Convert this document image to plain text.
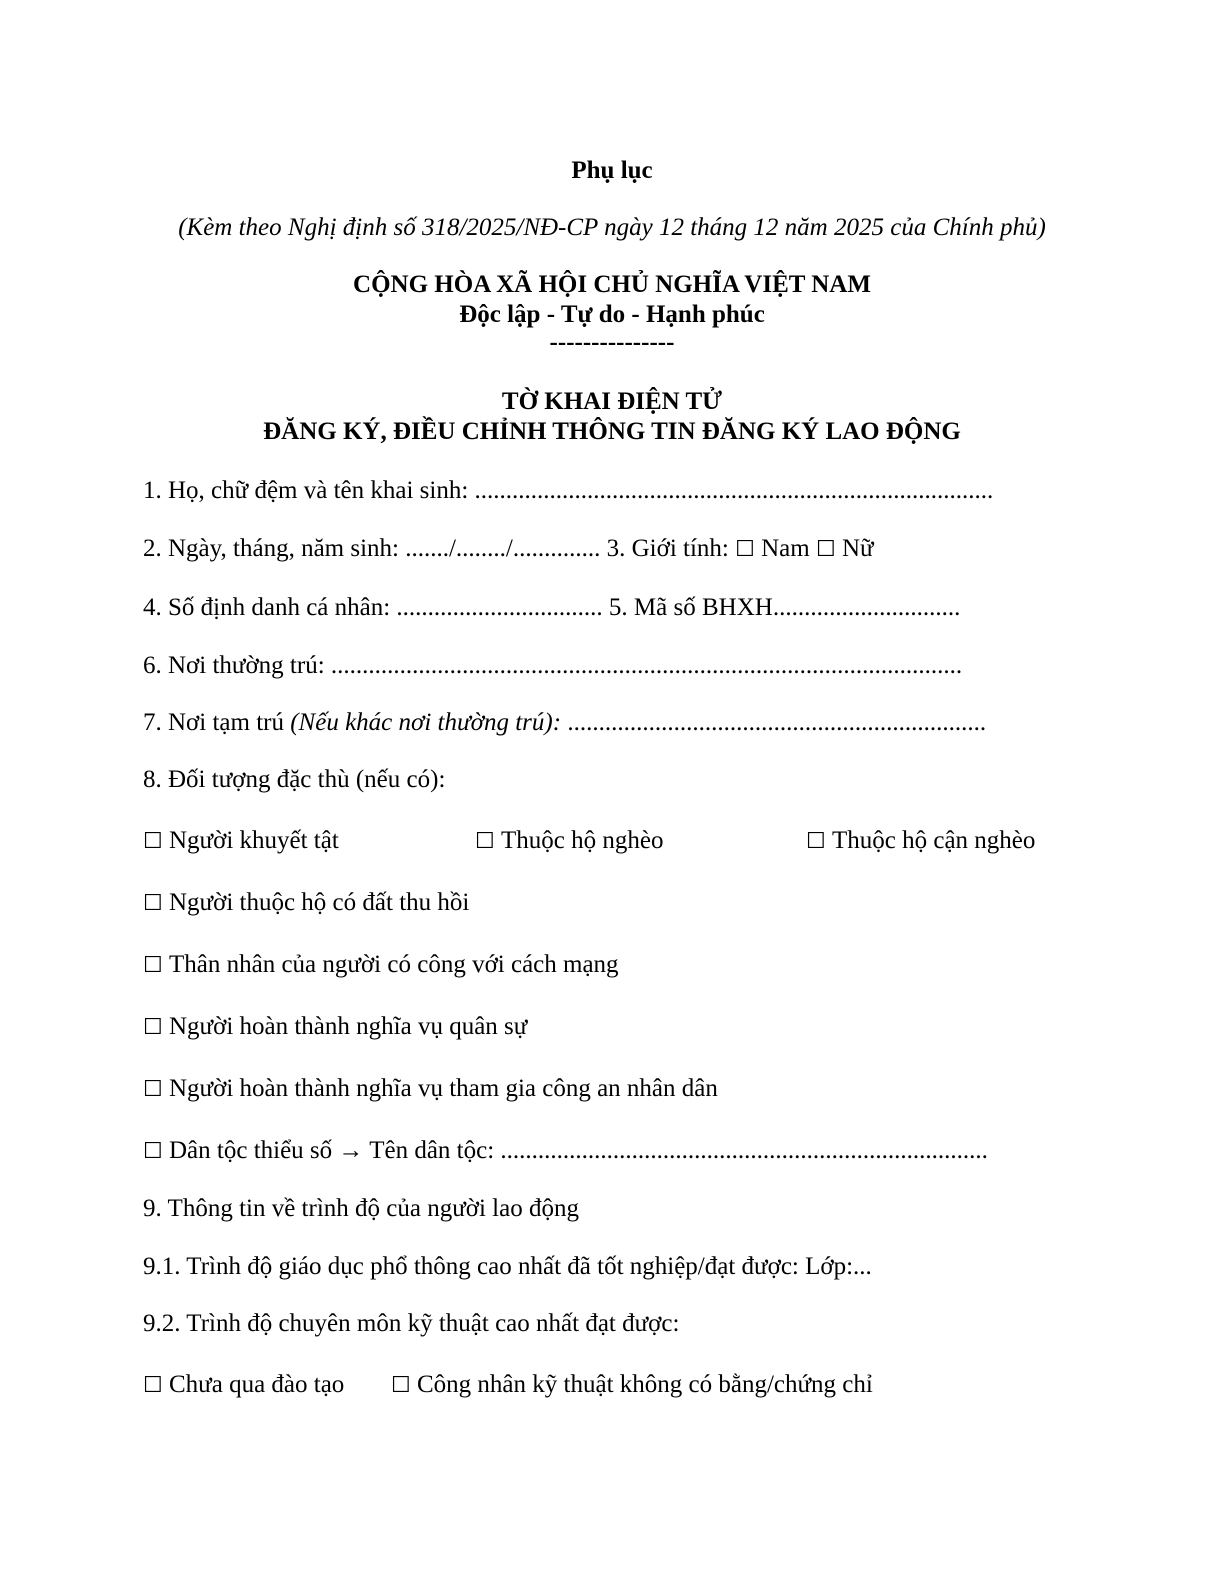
Phụ lục
(Kèm theo Nghị định số 318/2025/NĐ-CP ngày 12 tháng 12 năm 2025 của Chính phủ)
CỘNG HÒA XÃ HỘI CHỦ NGHĨA VIỆT NAM
Độc lập - Tự do - Hạnh phúc
---------------
TỜ KHAI ĐIỆN TỬ
ĐĂNG KÝ, ĐIỀU CHỈNH THÔNG TIN ĐĂNG KÝ LAO ĐỘNG
1. Họ, chữ đệm và tên khai sinh: ...................................................................................
2. Ngày, tháng, năm sinh: ......./......../.............. 3. Giới tính: ☐ Nam ☐ Nữ
4. Số định danh cá nhân: ................................. 5. Mã số BHXH..............................
6. Nơi thường trú: .....................................................................................................
7. Nơi tạm trú (Nếu khác nơi thường trú): ...................................................................
8. Đối tượng đặc thù (nếu có):
☐ Người khuyết tật	☐ Thuộc hộ nghèo	☐ Thuộc hộ cận nghèo
☐ Người thuộc hộ có đất thu hồi
☐ Thân nhân của người có công với cách mạng
☐ Người hoàn thành nghĩa vụ quân sự
☐ Người hoàn thành nghĩa vụ tham gia công an nhân dân
☐ Dân tộc thiểu số → Tên dân tộc: ..............................................................................
9. Thông tin về trình độ của người lao động
9.1. Trình độ giáo dục phổ thông cao nhất đã tốt nghiệp/đạt được: Lớp:...
9.2. Trình độ chuyên môn kỹ thuật cao nhất đạt được:
☐ Chưa qua đào tạo ☐ Công nhân kỹ thuật không có bằng/chứng chỉ
